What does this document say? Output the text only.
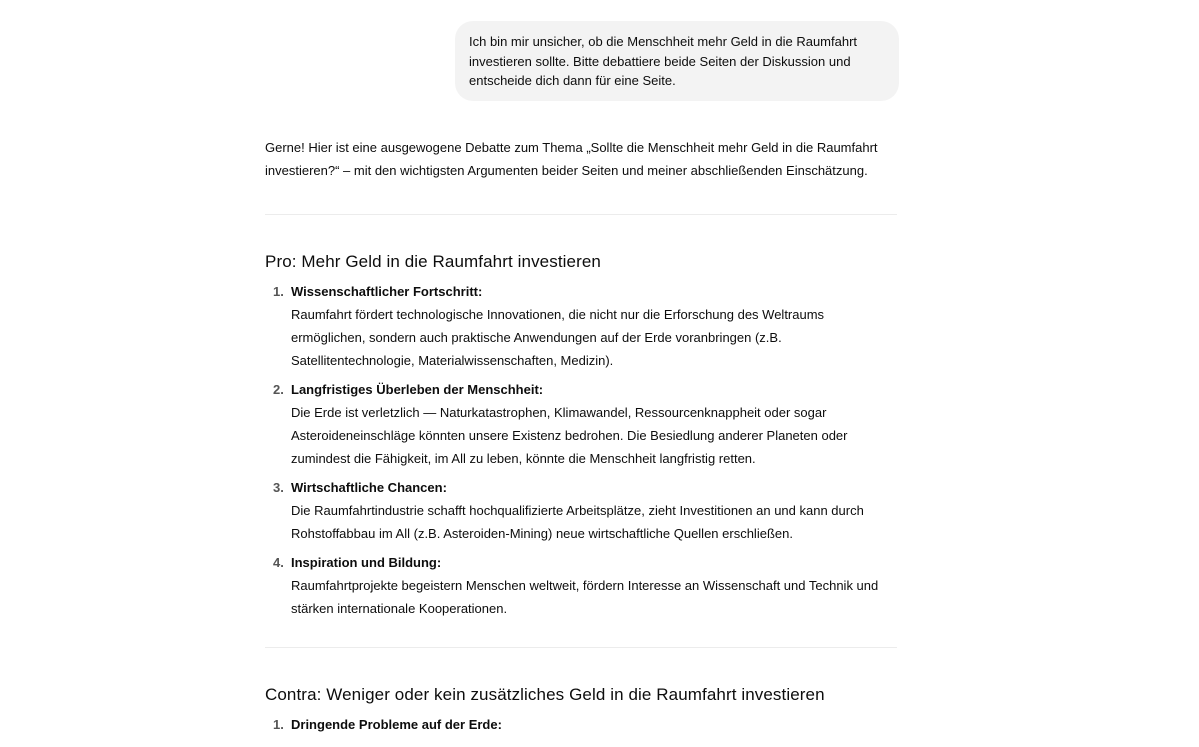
Ich bin mir unsicher, ob die Menschheit mehr Geld in die Raumfahrt investieren sollte. Bitte debattiere beide Seiten der Diskussion und entscheide dich dann für eine Seite.

Gerne! Hier ist eine ausgewogene Debatte zum Thema „Sollte die Menschheit mehr Geld in die Raumfahrt investieren?“ – mit den wichtigsten Argumenten beider Seiten und meiner abschließenden Einschätzung.

Pro: Mehr Geld in die Raumfahrt investieren
1. Wissenschaftlicher Fortschritt:
Raumfahrt fördert technologische Innovationen, die nicht nur die Erforschung des Weltraums ermöglichen, sondern auch praktische Anwendungen auf der Erde voranbringen (z.B. Satellitentechnologie, Materialwissenschaften, Medizin).
2. Langfristiges Überleben der Menschheit:
Die Erde ist verletzlich — Naturkatastrophen, Klimawandel, Ressourcenknappheit oder sogar Asteroideneinschläge könnten unsere Existenz bedrohen. Die Besiedlung anderer Planeten oder zumindest die Fähigkeit, im All zu leben, könnte die Menschheit langfristig retten.
3. Wirtschaftliche Chancen:
Die Raumfahrtindustrie schafft hochqualifizierte Arbeitsplätze, zieht Investitionen an und kann durch Rohstoffabbau im All (z.B. Asteroiden-Mining) neue wirtschaftliche Quellen erschließen.
4. Inspiration und Bildung:
Raumfahrtprojekte begeistern Menschen weltweit, fördern Interesse an Wissenschaft und Technik und stärken internationale Kooperationen.
Contra: Weniger oder kein zusätzliches Geld in die Raumfahrt investieren
1. Dringende Probleme auf der Erde:
